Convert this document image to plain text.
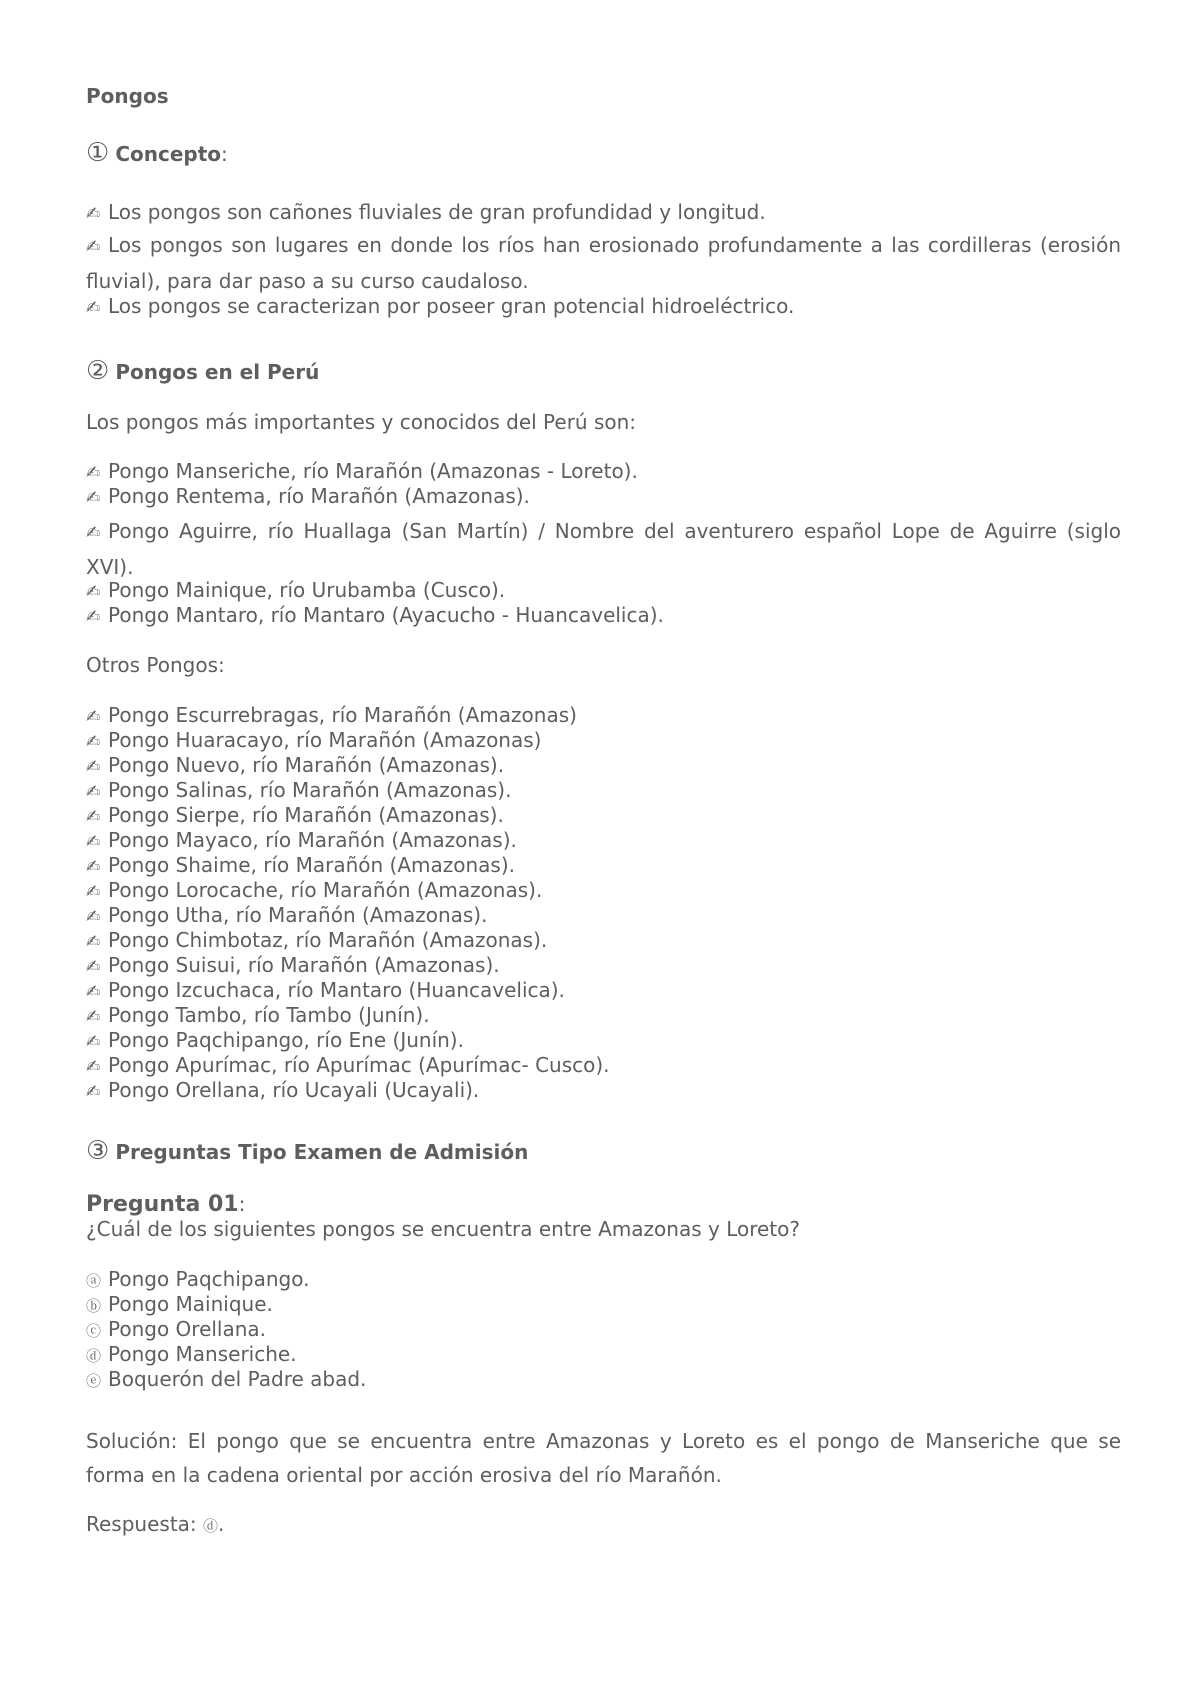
Pongos
① Concepto:
✍ Los pongos son cañones fluviales de gran profundidad y longitud.
✍ Los pongos son lugares en donde los ríos han erosionado profundamente a las cordilleras (erosión fluvial), para dar paso a su curso caudaloso.
✍ Los pongos se caracterizan por poseer gran potencial hidroeléctrico.
② Pongos en el Perú
Los pongos más importantes y conocidos del Perú son:
✍ Pongo Manseriche, río Marañón (Amazonas - Loreto).
✍ Pongo Rentema, río Marañón (Amazonas).
✍ Pongo Aguirre, río Huallaga (San Martín) / Nombre del aventurero español Lope de Aguirre (siglo XVI).
✍ Pongo Mainique, río Urubamba (Cusco).
✍ Pongo Mantaro, río Mantaro (Ayacucho - Huancavelica).
Otros Pongos:
✍ Pongo Escurrebragas, río Marañón (Amazonas)
✍ Pongo Huaracayo, río Marañón (Amazonas)
✍ Pongo Nuevo, río Marañón (Amazonas).
✍ Pongo Salinas, río Marañón (Amazonas).
✍ Pongo Sierpe, río Marañón (Amazonas).
✍ Pongo Mayaco, río Marañón (Amazonas).
✍ Pongo Shaime, río Marañón (Amazonas).
✍ Pongo Lorocache, río Marañón (Amazonas).
✍ Pongo Utha, río Marañón (Amazonas).
✍ Pongo Chimbotaz, río Marañón (Amazonas).
✍ Pongo Suisui, río Marañón (Amazonas).
✍ Pongo Izcuchaca, río Mantaro (Huancavelica).
✍ Pongo Tambo, río Tambo (Junín).
✍ Pongo Paqchipango, río Ene (Junín).
✍ Pongo Apurímac, río Apurímac (Apurímac- Cusco).
✍ Pongo Orellana, río Ucayali (Ucayali).
③ Preguntas Tipo Examen de Admisión
Pregunta 01:
¿Cuál de los siguientes pongos se encuentra entre Amazonas y Loreto?
ⓐ Pongo Paqchipango.
ⓑ Pongo Mainique.
ⓒ Pongo Orellana.
ⓓ Pongo Manseriche.
ⓔ Boquerón del Padre abad.
Solución: El pongo que se encuentra entre Amazonas y Loreto es el pongo de Manseriche que se forma en la cadena oriental por acción erosiva del río Marañón.
Respuesta: ⓓ.
